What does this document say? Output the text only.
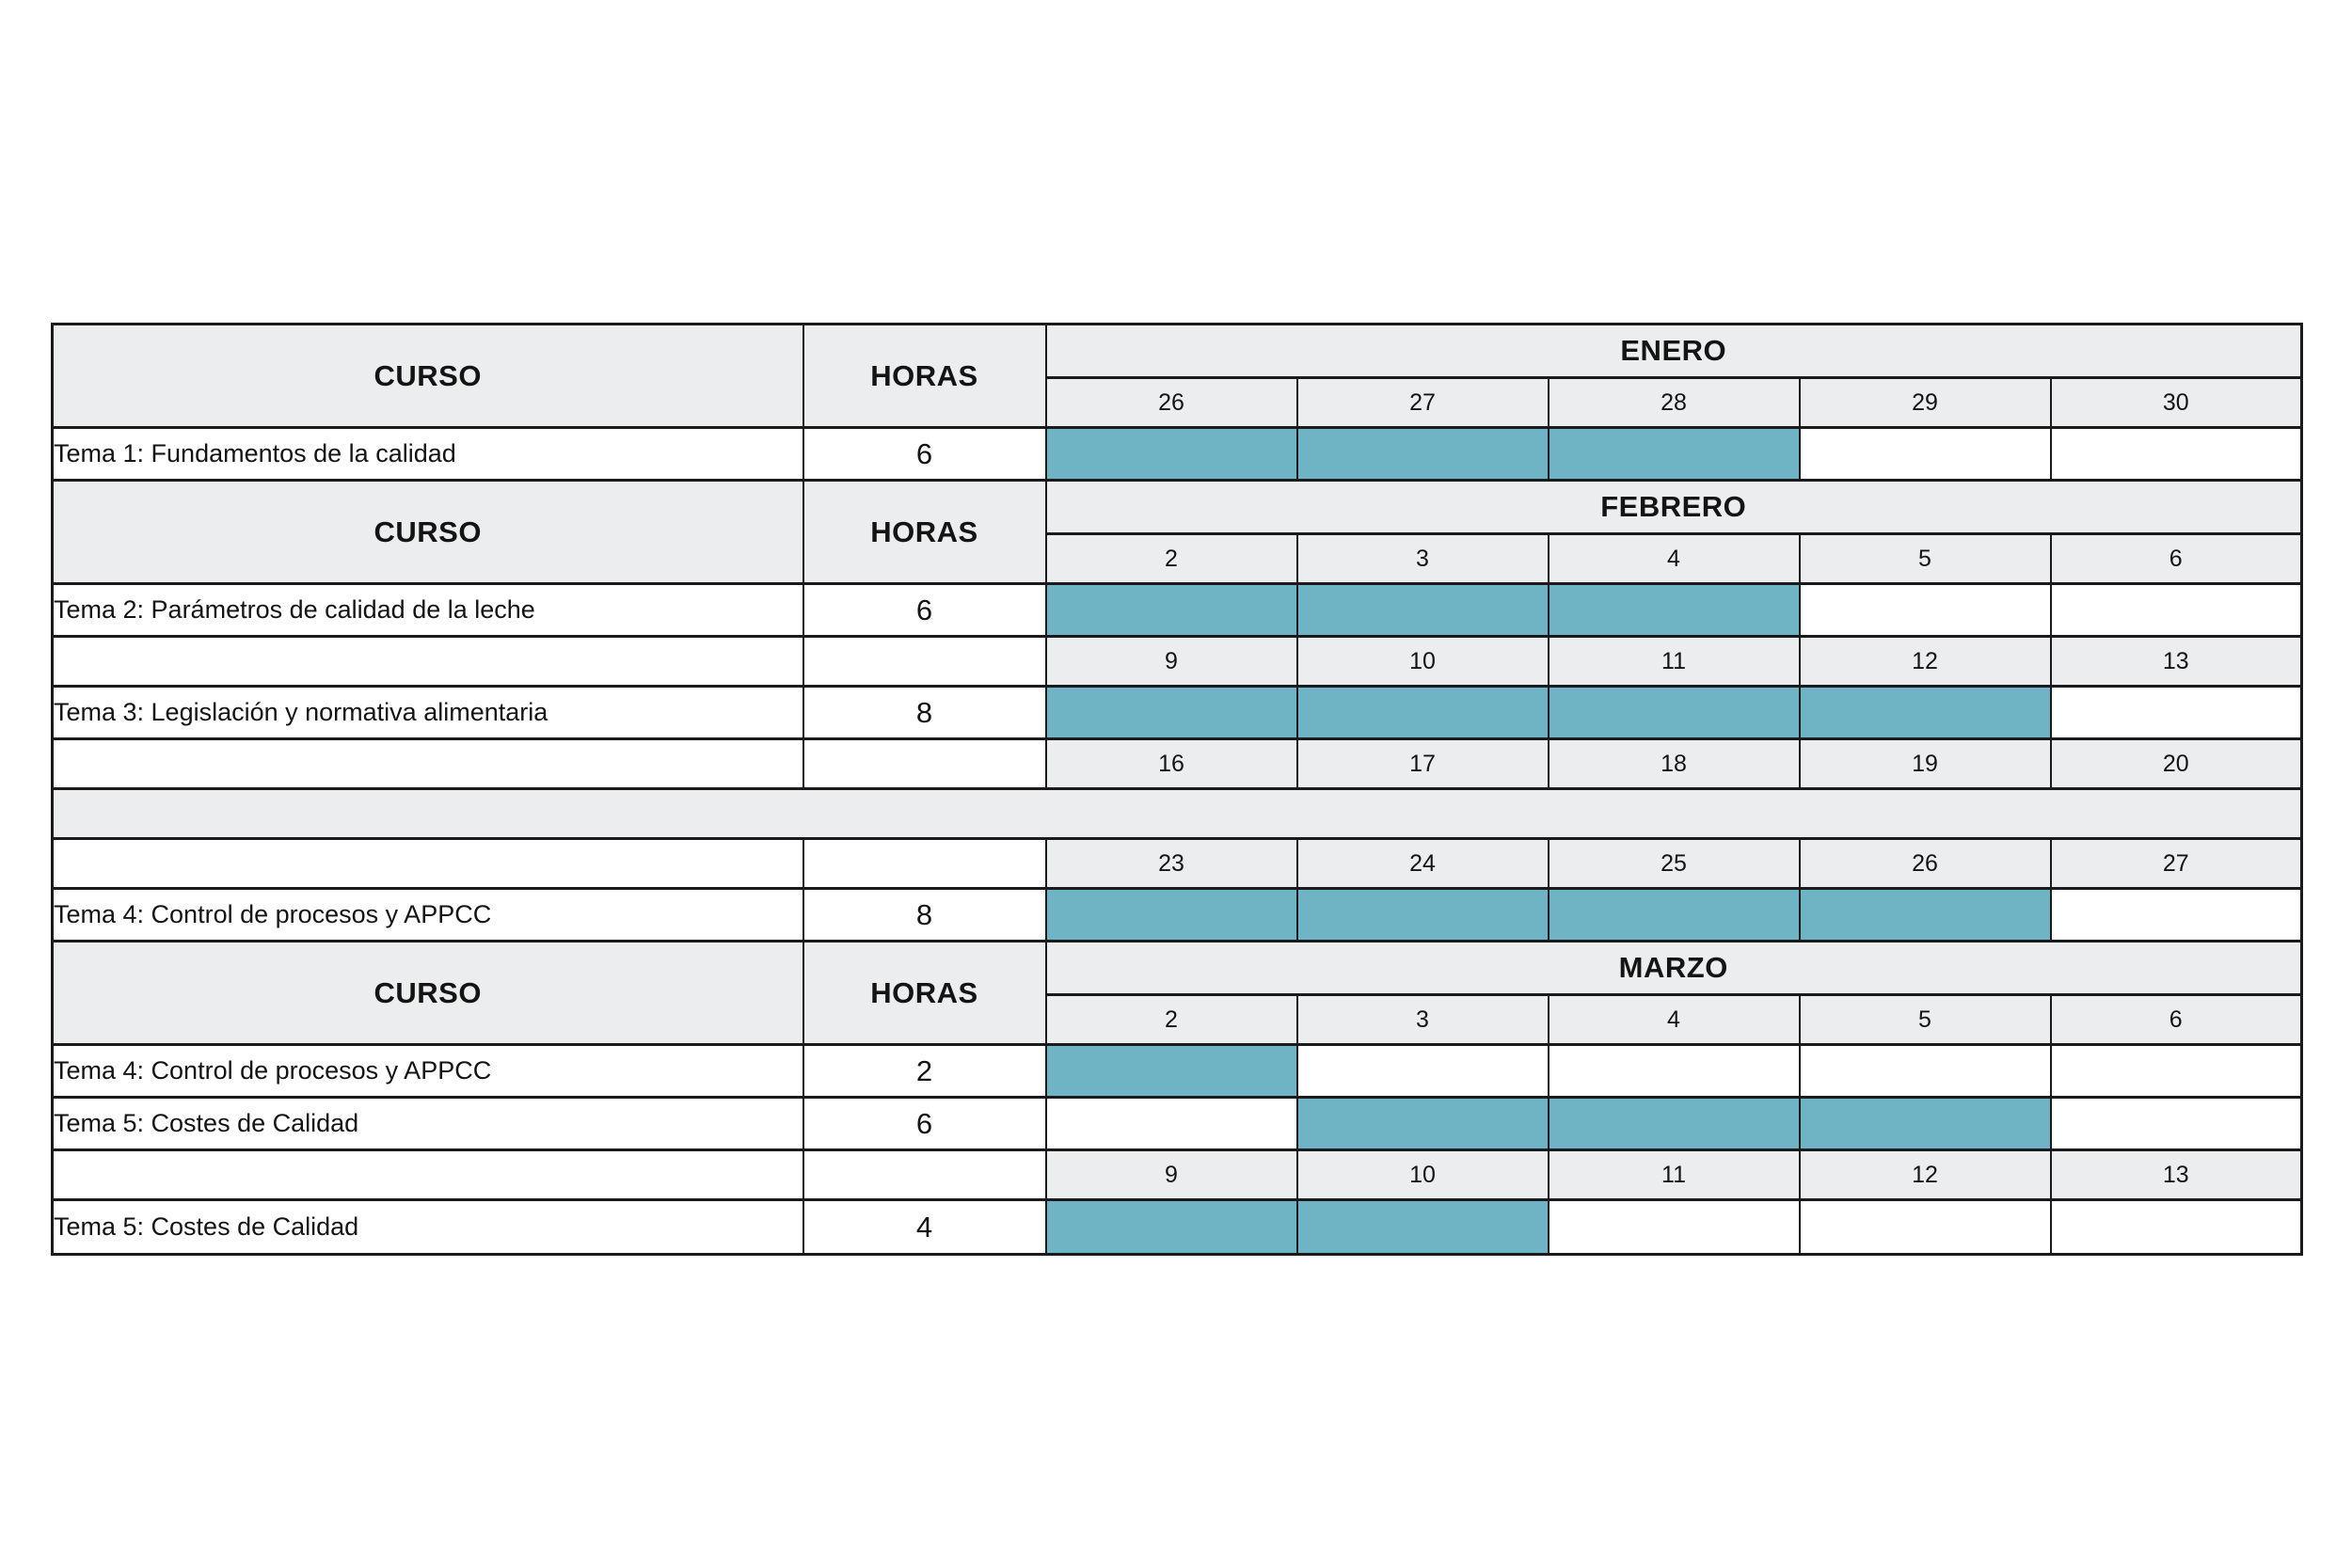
CURSO	HORAS	ENERO				
		26	27	28	29	30
Tema 1: Fundamentos de la calidad	6					
CURSO	HORAS	FEBRERO				
		2	3	4	5	6
Tema 2: Parámetros de calidad de la leche	6					
		9	10	11	12	13
Tema 3: Legislación y normativa alimentaria	8					
		16	17	18	19	20

		23	24	25	26	27
Tema 4: Control de procesos y APPCC	8					
CURSO	HORAS	MARZO				
		2	3	4	5	6
Tema 4: Control de procesos y APPCC	2					
Tema 5: Costes de Calidad	6					
		9	10	11	12	13
Tema 5: Costes de Calidad	4					
